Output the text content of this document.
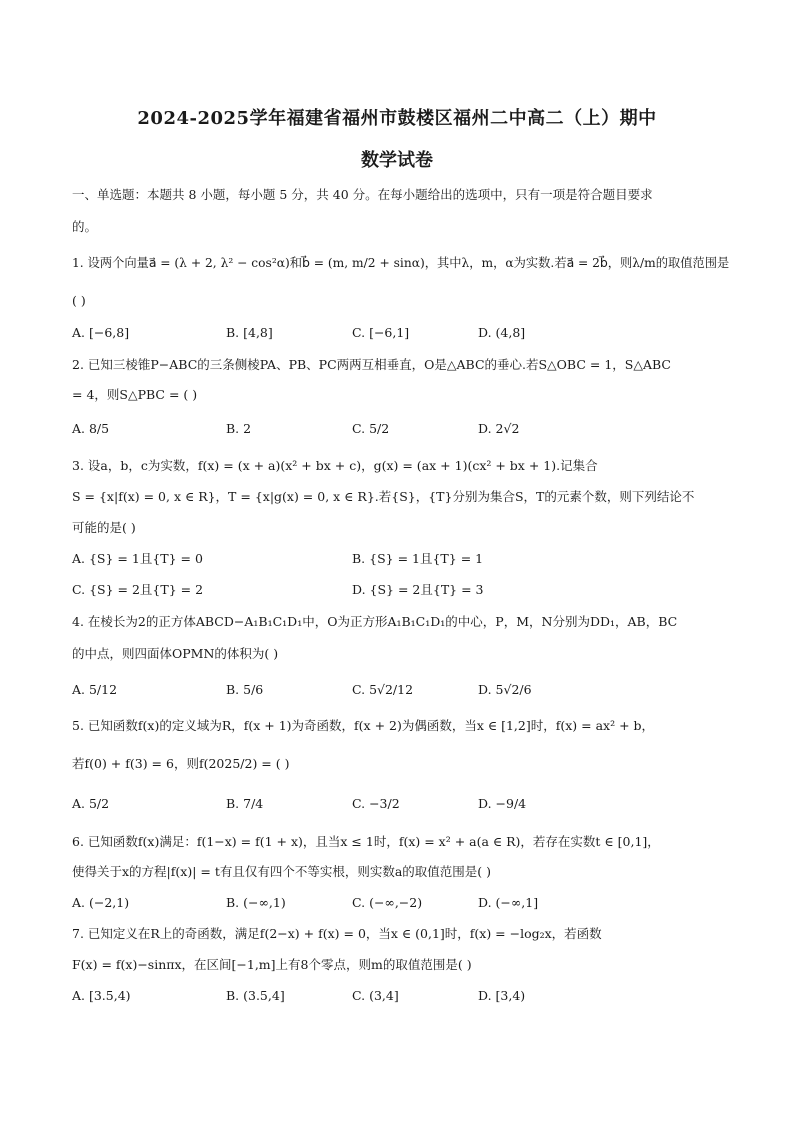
2024-2025学年福建省福州市鼓楼区福州二中高二（上）期中
数学试卷
一、单选题：本题共 8 小题，每小题 5 分，共 40 分。在每小题给出的选项中，只有一项是符合题目要求
的。
1. 设两个向量a⃗ = (λ + 2, λ² − cos²α)和b⃗ = (m, m/2 + sinα)，其中λ，m，α为实数.若a⃗ = 2b⃗，则λ/m的取值范围是
( )
A. [−6,8]	B. [4,8]	C. [−6,1]	D. (4,8]
2. 已知三棱锥P−ABC的三条侧棱PA、PB、PC两两互相垂直，O是△ABC的垂心.若S△OBC = 1，S△ABC
= 4，则S△PBC = ( )
A. 8/5	B. 2	C. 5/2	D. 2√2
3. 设a，b，c为实数，f(x) = (x + a)(x² + bx + c)，g(x) = (ax + 1)(cx² + bx + 1).记集合
S = {x|f(x) = 0, x ∈ R}，T = {x|g(x) = 0, x ∈ R}.若{S}，{T}分别为集合S，T的元素个数，则下列结论不
可能的是( )
A. {S} = 1且{T} = 0	B. {S} = 1且{T} = 1
C. {S} = 2且{T} = 2	D. {S} = 2且{T} = 3
4. 在棱长为2的正方体ABCD−A₁B₁C₁D₁中，O为正方形A₁B₁C₁D₁的中心，P，M，N分别为DD₁，AB，BC
的中点，则四面体OPMN的体积为( )
A. 5/12	B. 5/6	C. 5√2/12	D. 5√2/6
5. 已知函数f(x)的定义域为R，f(x + 1)为奇函数，f(x + 2)为偶函数，当x ∈ [1,2]时，f(x) = ax² + b，
若f(0) + f(3) = 6，则f(2025/2) = ( )
A. 5/2	B. 7/4	C. −3/2	D. −9/4
6. 已知函数f(x)满足：f(1−x) = f(1 + x)，且当x ≤ 1时，f(x) = x² + a(a ∈ R)，若存在实数t ∈ [0,1]，
使得关于x的方程|f(x)| = t有且仅有四个不等实根，则实数a的取值范围是( )
A. (−2,1)	B. (−∞,1)	C. (−∞,−2)	D. (−∞,1]
7. 已知定义在R上的奇函数，满足f(2−x) + f(x) = 0，当x ∈ (0,1]时，f(x) = −log₂x，若函数
F(x) = f(x)−sinπx，在区间[−1,m]上有8个零点，则m的取值范围是( )
A. [3.5,4)	B. (3.5,4]	C. (3,4]	D. [3,4)
